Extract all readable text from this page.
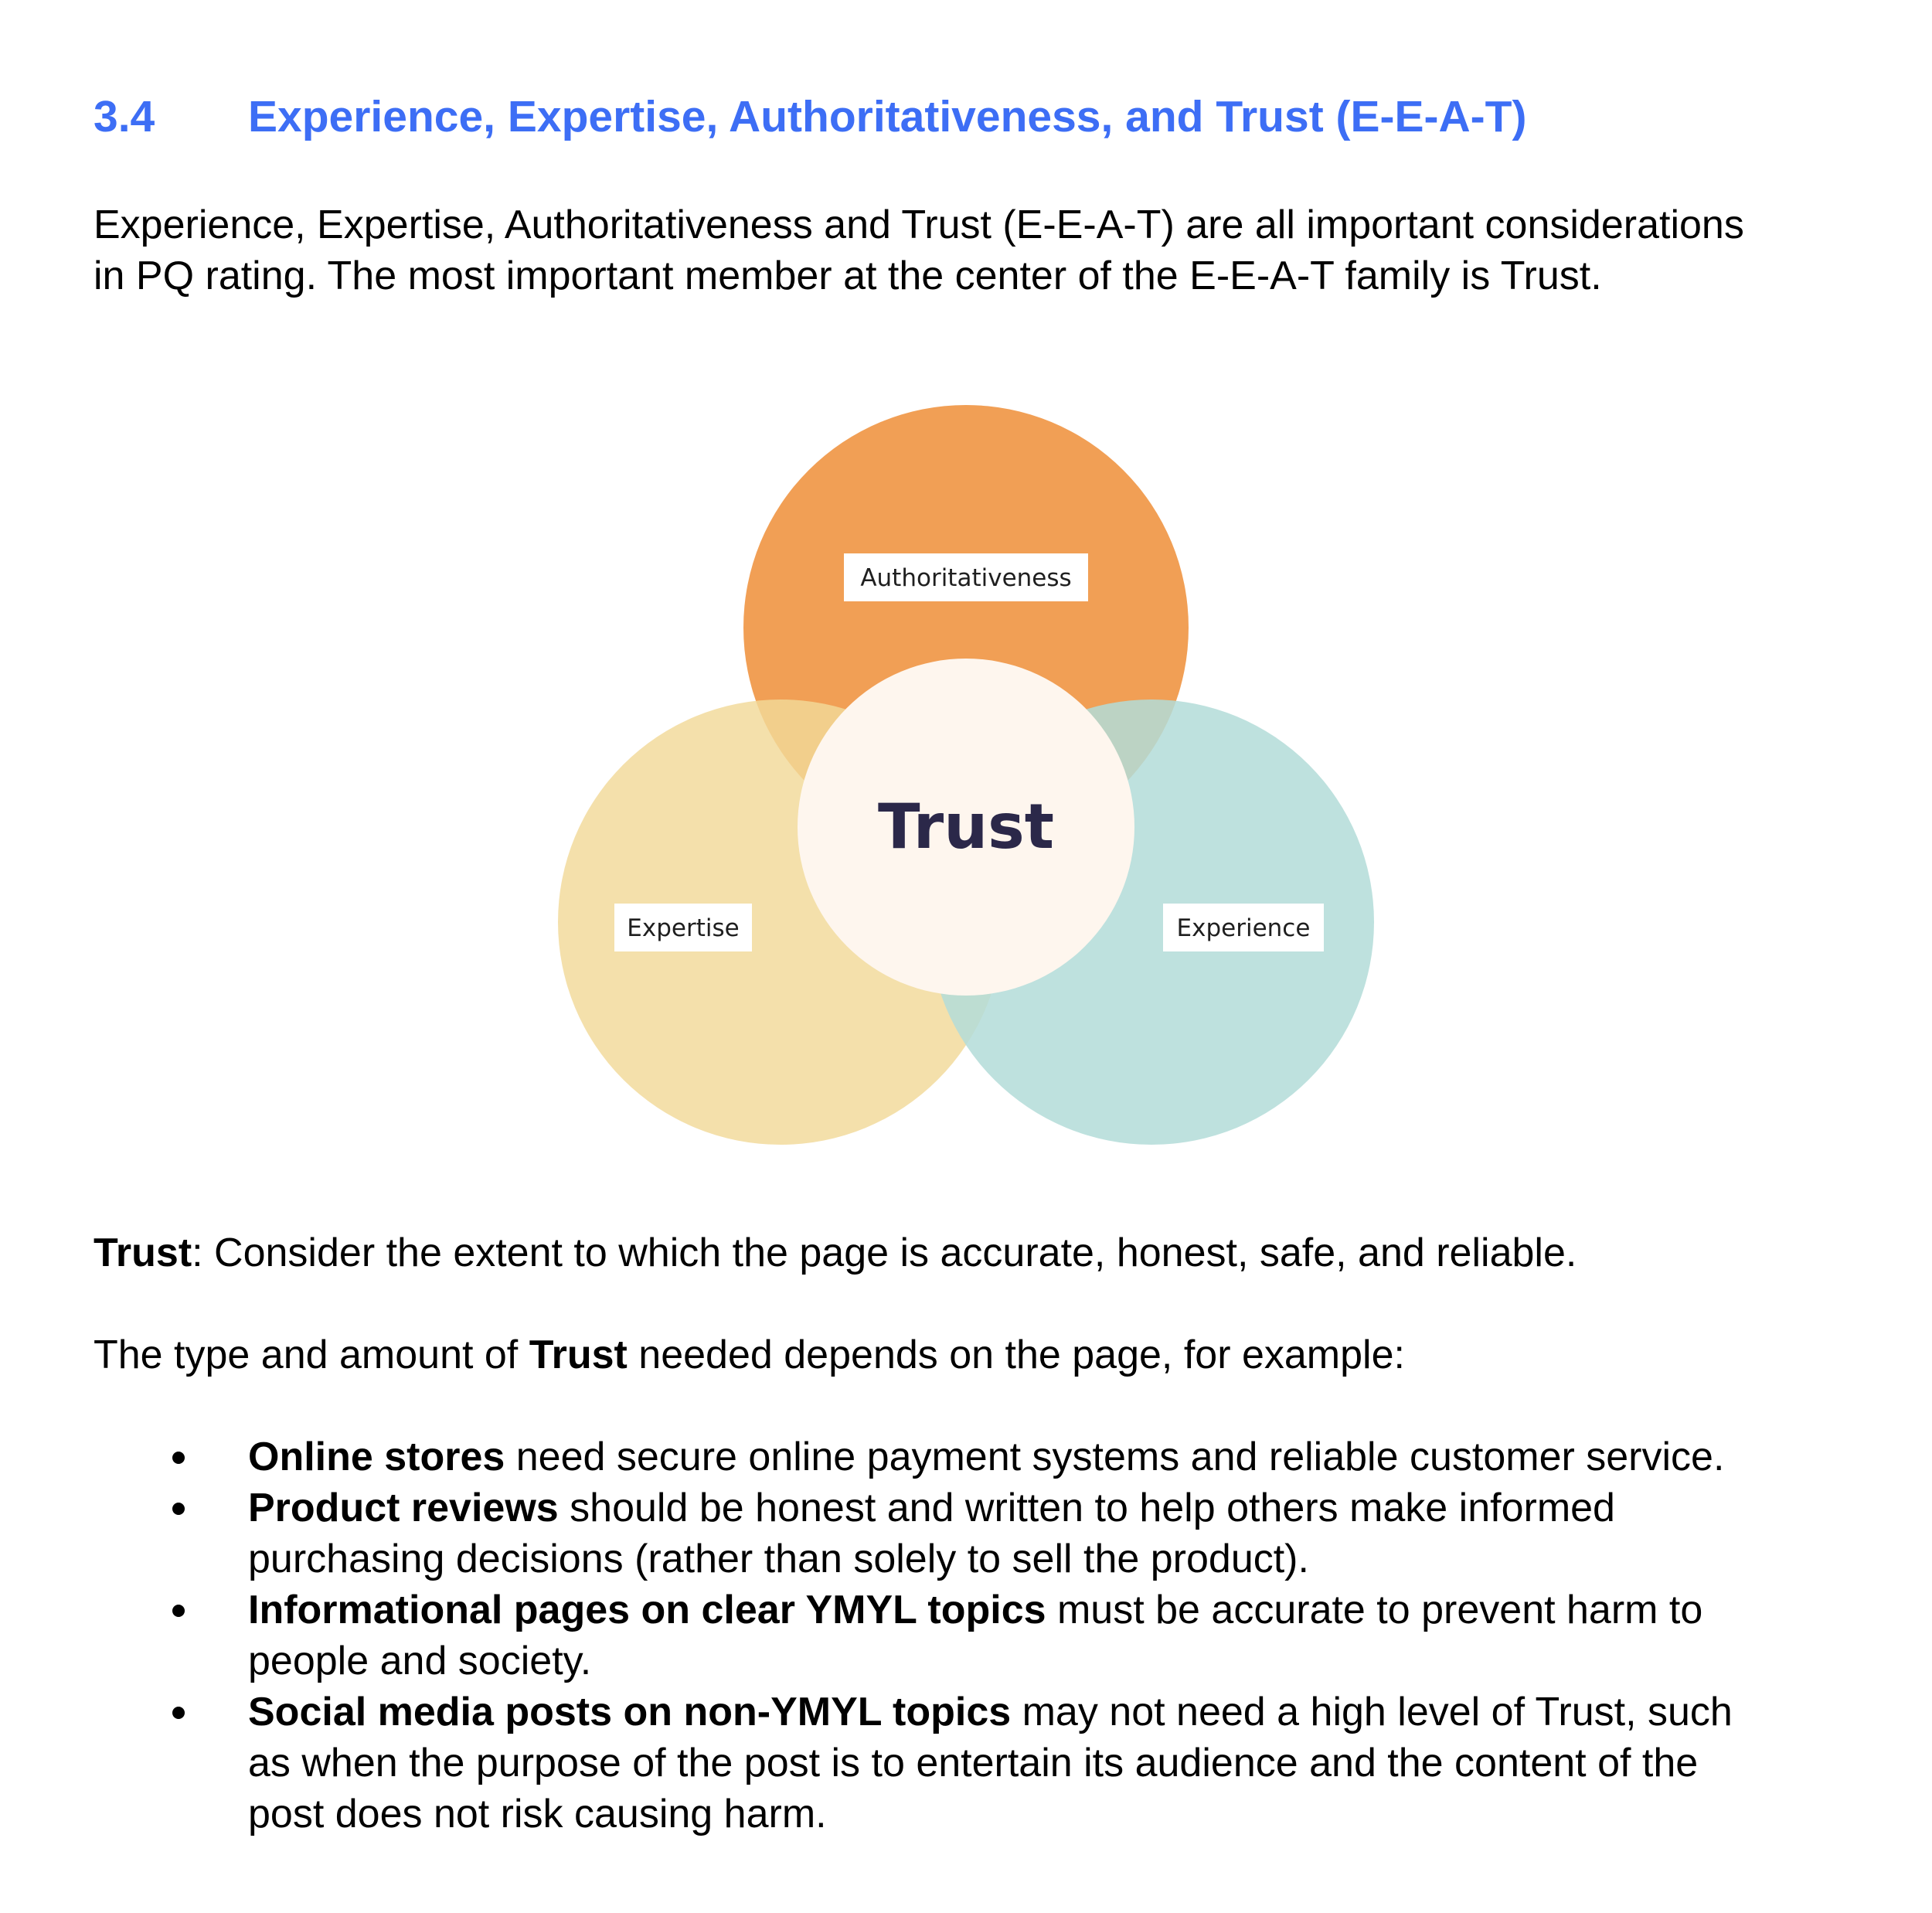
3.4 Experience, Expertise, Authoritativeness, and Trust (E-E-A-T)

Experience, Expertise, Authoritativeness and Trust (E-E-A-T) are all important considerations
in PQ rating. The most important member at the center of the E-E-A-T family is Trust.

Authoritativeness
Expertise	Experience
Trust

Trust: Consider the extent to which the page is accurate, honest, safe, and reliable.

The type and amount of Trust needed depends on the page, for example:

Online stores need secure online payment systems and reliable customer service.
Product reviews should be honest and written to help others make informed
purchasing decisions (rather than solely to sell the product).
Informational pages on clear YMYL topics must be accurate to prevent harm to
people and society.
Social media posts on non-YMYL topics may not need a high level of Trust, such
as when the purpose of the post is to entertain its audience and the content of the
post does not risk causing harm.
